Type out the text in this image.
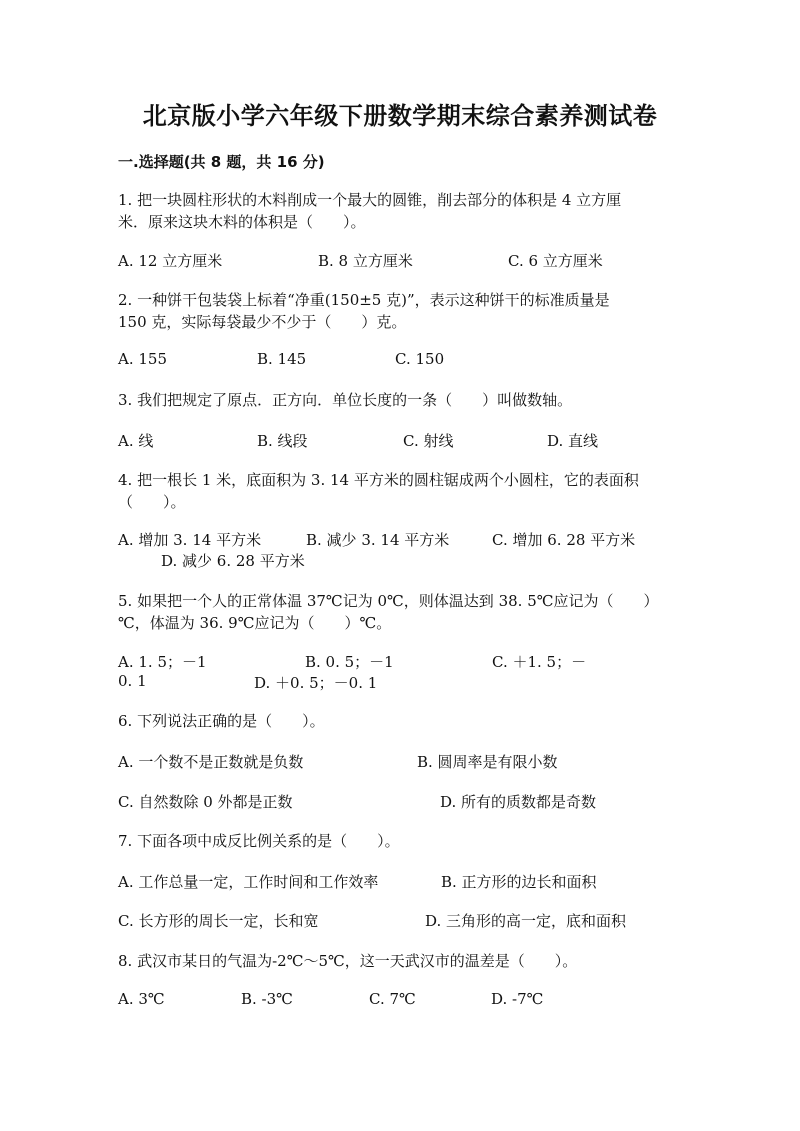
北京版小学六年级下册数学期末综合素养测试卷
一.选择题(共 8 题，共 16 分)
1. 把一块圆柱形状的木料削成一个最大的圆锥，削去部分的体积是 4 立方厘
米．原来这块木料的体积是（　　）。
A. 12 立方厘米	B. 8 立方厘米	C. 6 立方厘米
2. 一种饼干包装袋上标着“净重(150±5 克)”，表示这种饼干的标准质量是
150 克，实际每袋最少不少于（　　）克。
A. 155	B. 145	C. 150
3. 我们把规定了原点．正方向．单位长度的一条（　　）叫做数轴。
A. 线	B. 线段	C. 射线	D. 直线
4. 把一根长 1 米，底面积为 3. 14 平方米的圆柱锯成两个小圆柱，它的表面积
（　　）。
A. 增加 3. 14 平方米	B. 减少 3. 14 平方米	C. 增加 6. 28 平方米
D. 减少 6. 28 平方米
5. 如果把一个人的正常体温 37℃记为 0℃，则体温达到 38. 5℃应记为（　　）
℃，体温为 36. 9℃应记为（　　）℃。
A. 1. 5；－1	B. 0. 5；－1	C. ＋1. 5；－
0. 1	D. ＋0. 5；－0. 1
6. 下列说法正确的是（　　）。
A. 一个数不是正数就是负数	B. 圆周率是有限小数
C. 自然数除 0 外都是正数	D. 所有的质数都是奇数
7. 下面各项中成反比例关系的是（　　）。
A. 工作总量一定，工作时间和工作效率	B. 正方形的边长和面积
C. 长方形的周长一定，长和宽	D. 三角形的高一定，底和面积
8. 武汉市某日的气温为-2℃～5℃，这一天武汉市的温差是（　　）。
A. 3℃	B. -3℃	C. 7℃	D. -7℃
